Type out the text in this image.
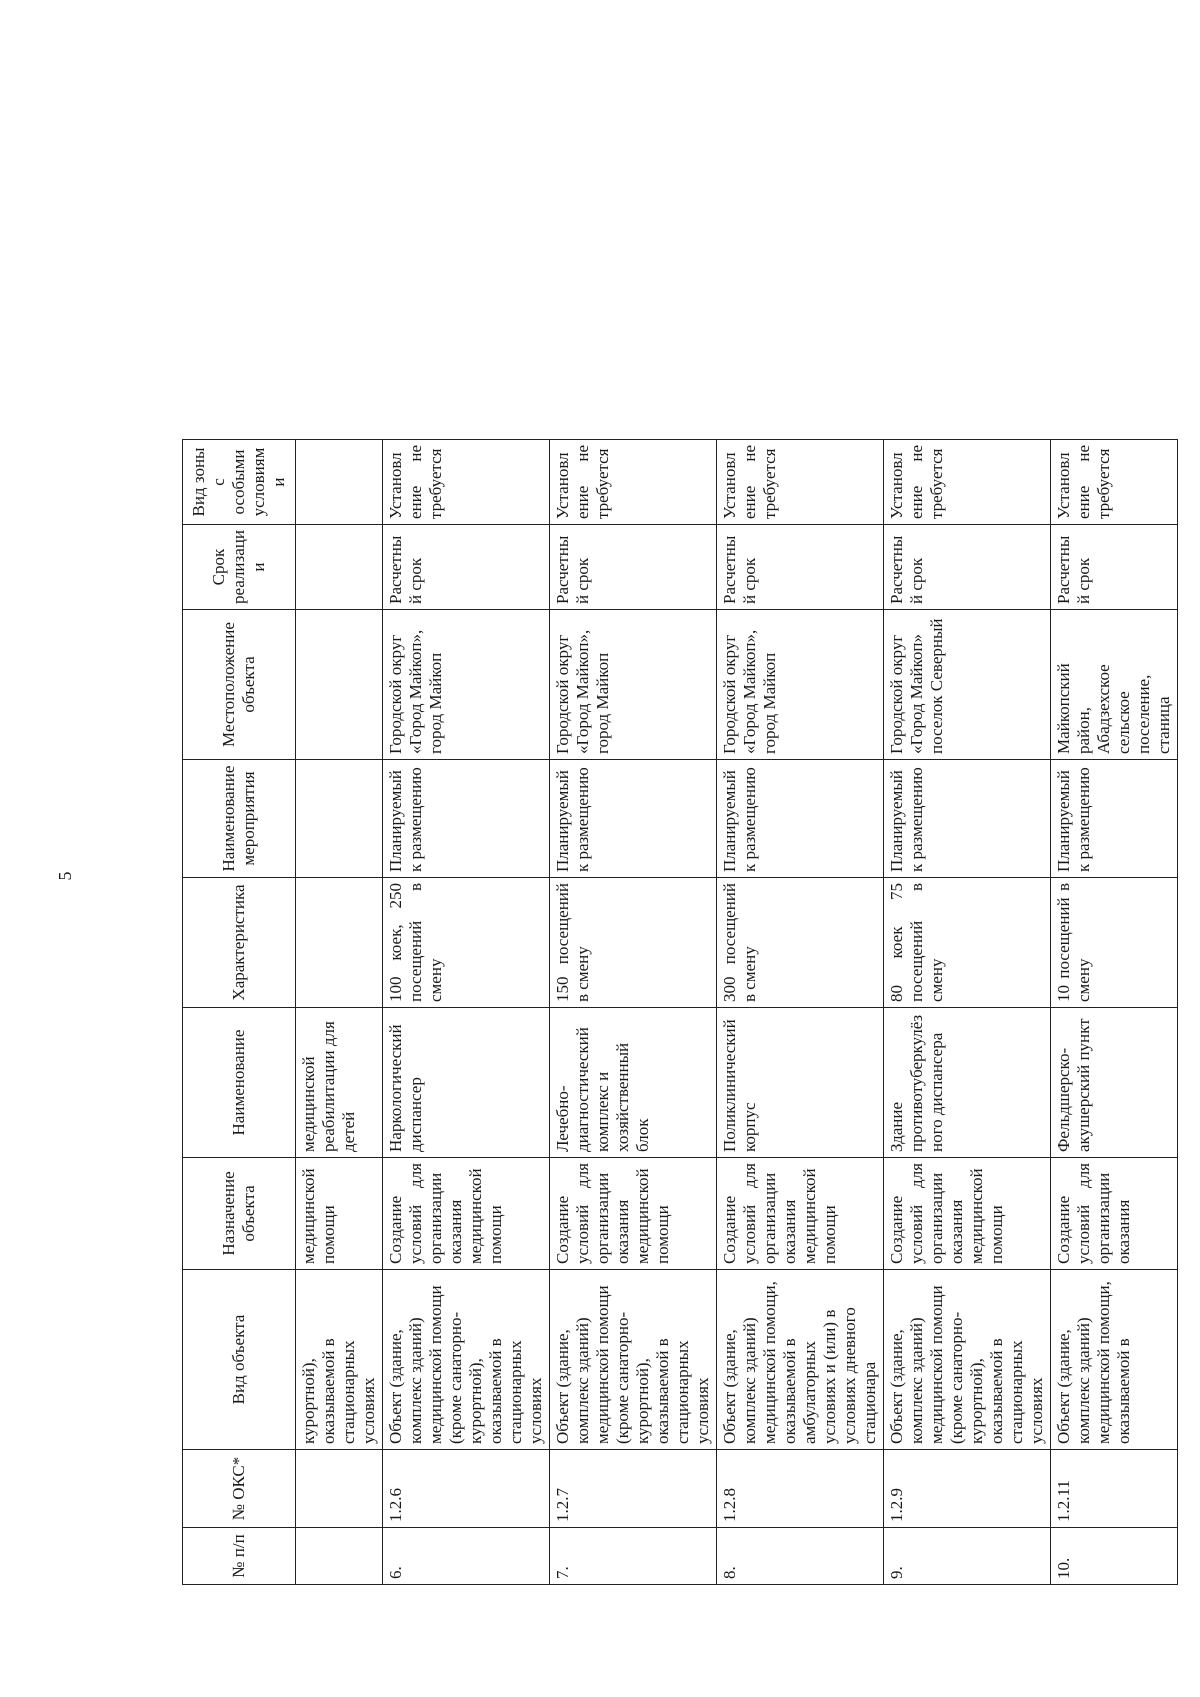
5
№ п/п	№ ОКС*	Вид объекта	Назначение объекта	Наименование	Характеристика	Наименование мероприятия	Местоположение объекта	Срок реализации	Вид зоны с особыми условиями
		курортной), оказываемой в стационарных условиях	медицинской помощи	медицинской реабилитации для детей					
6.	1.2.6	Объект (здание, комплекс зданий) медицинской помощи (кроме санаторно-курортной), оказываемой в стационарных условиях	Создание условий для организации оказания медицинской помощи	Наркологический диспансер	100 коек, 250 посещений в смену	Планируемый к размещению	Городской округ «Город Майкоп», город Майкоп	Расчетный срок	Установление не требуется
7.	1.2.7	Объект (здание, комплекс зданий) медицинской помощи (кроме санаторно-курортной), оказываемой в стационарных условиях	Создание условий для организации оказания медицинской помощи	Лечебно-диагностический комплекс и хозяйственный блок	150 посещений в смену	Планируемый к размещению	Городской округ «Город Майкоп», город Майкоп	Расчетный срок	Установление не требуется
8.	1.2.8	Объект (здание, комплекс зданий) медицинской помощи, оказываемой в амбулаторных условиях и (или) в условиях дневного стационара	Создание условий для организации оказания медицинской помощи	Поликлинический корпус	300 посещений в смену	Планируемый к размещению	Городской округ «Город Майкоп», город Майкоп	Расчетный срок	Установление не требуется
9.	1.2.9	Объект (здание, комплекс зданий) медицинской помощи (кроме санаторно-курортной), оказываемой в стационарных условиях	Создание условий для организации оказания медицинской помощи	Здание противотуберкулёзного диспансера	80 коек 75 посещений в смену	Планируемый к размещению	Городской округ «Город Майкоп» поселок Северный	Расчетный срок	Установление не требуется
10.	1.2.11	Объект (здание, комплекс зданий) медицинской помощи, оказываемой в	Создание условий для организации оказания	Фельдшерско-акушерский пункт	10 посещений в смену	Планируемый к размещению	Майкопский район, Абадзехское сельское поселение, станица	Расчетный срок	Установление не требуется
